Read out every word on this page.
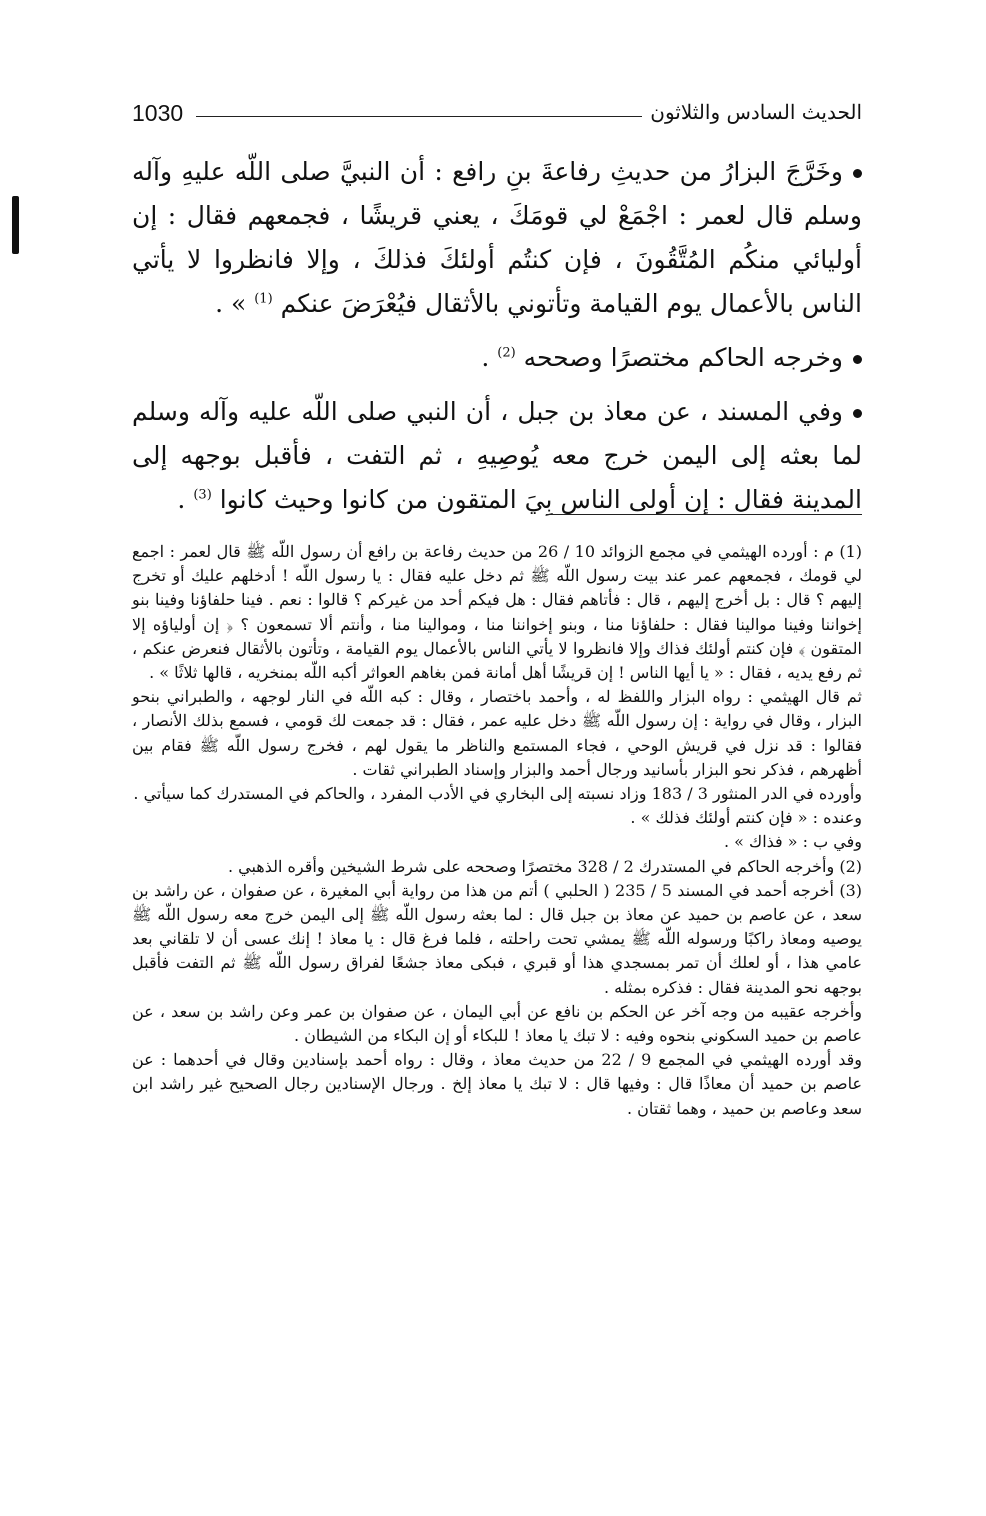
1030	الحديث السادس والثلاثون

وخَرَّجَ البزارُ من حديثِ رفاعةَ بنِ رافع : أن النبيَّ صلى اللّه عليهِ وآله وسلم قال لعمر : اجْمَعْ لي قومَكَ ، يعني قريشًا ، فجمعهم فقال : إن أوليائي منكُم المُتَّقُونَ ، فإن كنتُم أولئكَ فذلكَ ، وإلا فانظروا لا يأتي الناس بالأعمال يوم القيامة وتأتوني بالأثقال فيُعْرَضَ عنكم $^{(1)}$ » .

وخرجه الحاكم مختصرًا وصححه $^{(2)}$ .

وفي المسند ، عن معاذ بن جبل ، أن النبي صلى اللّه عليه وآله وسلم لما بعثه إلى اليمن خرج معه يُوصِيهِ ، ثم التفت ، فأقبل بوجهه إلى المدينة فقال : إن أولى الناس بِيَ المتقون من كانوا وحيث كانوا $^{(3)}$ .

(1) م : أورده الهيثمي في مجمع الزوائد 10 / 26 من حديث رفاعة بن رافع أن رسول اللّه ﷺ قال لعمر : اجمع لي قومك ، فجمعهم عمر عند بيت رسول اللّه ﷺ ثم دخل عليه فقال : يا رسول اللّه ! أدخلهم عليك أو تخرج إليهم ؟ قال : بل أخرج إليهم ، قال : فأتاهم فقال : هل فيكم أحد من غيركم ؟ قالوا : نعم . فينا حلفاؤنا وفينا بنو إخواننا وفينا موالينا فقال : حلفاؤنا منا ، وبنو إخواننا منا ، وموالينا منا ، وأنتم ألا تسمعون ؟ ﴿ إن أولياؤه إلا المتقون ﴾ فإن كنتم أولئك فذاك وإلا فانظروا لا يأتي الناس بالأعمال يوم القيامة ، وتأتون بالأثقال فنعرض عنكم ، ثم رفع يديه ، فقال : « يا أيها الناس ! إن قريشًا أهل أمانة فمن بغاهم العواثر أكبه اللّه بمنخريه ، قالها ثلاثًا » .

ثم قال الهيثمي : رواه البزار واللفظ له ، وأحمد باختصار ، وقال : كبه اللّه في النار لوجهه ، والطبراني بنحو البزار ، وقال في رواية : إن رسول اللّه ﷺ دخل عليه عمر ، فقال : قد جمعت لك قومي ، فسمع بذلك الأنصار ، فقالوا : قد نزل في قريش الوحي ، فجاء المستمع والناظر ما يقول لهم ، فخرج رسول اللّه ﷺ فقام بين أظهرهم ، فذكر نحو البزار بأسانيد ورجال أحمد والبزار وإسناد الطبراني ثقات .

وأورده في الدر المنثور 3 / 183 وزاد نسبته إلى البخاري في الأدب المفرد ، والحاكم في المستدرك كما سيأتي .

وعنده : « فإن كنتم أولئك فذلك » .

وفي ب : « فذاك » .

(2) وأخرجه الحاكم في المستدرك 2 / 328 مختصرًا وصححه على شرط الشيخين وأقره الذهبي .

(3) أخرجه أحمد في المسند 5 / 235 ( الحلبي ) أتم من هذا من رواية أبي المغيرة ، عن صفوان ، عن راشد بن سعد ، عن عاصم بن حميد عن معاذ بن جبل قال : لما بعثه رسول اللّه ﷺ إلى اليمن خرج معه رسول اللّه ﷺ يوصيه ومعاذ راكبًا ورسوله اللّه ﷺ يمشي تحت راحلته ، فلما فرغ قال : يا معاذ ! إنك عسى أن لا تلقاني بعد عامي هذا ، أو لعلك أن تمر بمسجدي هذا أو قبري ، فبكى معاذ جشعًا لفراق رسول اللّه ﷺ ثم التفت فأقبل بوجهه نحو المدينة فقال : فذكره بمثله .

وأخرجه عقيبه من وجه آخر عن الحكم بن نافع عن أبي اليمان ، عن صفوان بن عمر وعن راشد بن سعد ، عن عاصم بن حميد السكوني بنحوه وفيه : لا تبك يا معاذ ! للبكاء أو إن البكاء من الشيطان .

وقد أورده الهيثمي في المجمع 9 / 22 من حديث معاذ ، وقال : رواه أحمد بإسنادين وقال في أحدهما : عن عاصم بن حميد أن معاذًا قال : وفيها قال : لا تبك يا معاذ إلخ . ورجال الإسنادين رجال الصحيح غير راشد ابن سعد وعاصم بن حميد ، وهما ثقتان .
